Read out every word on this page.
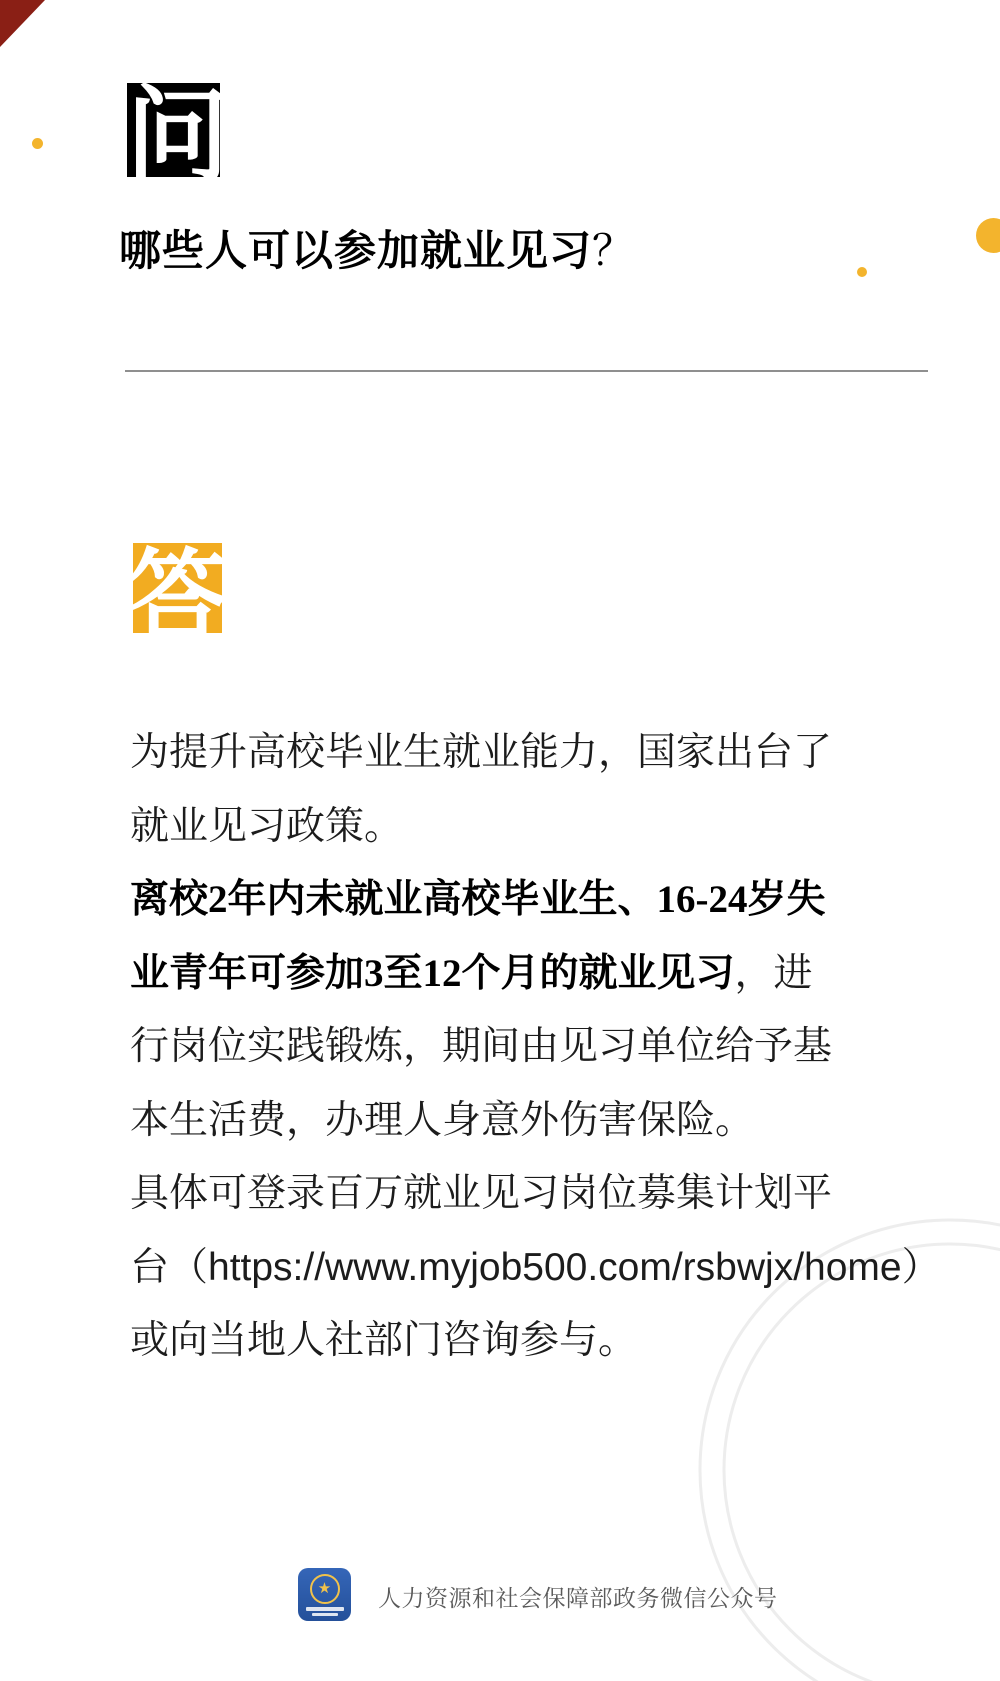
问
哪些人可以参加就业见习？
答
为提升高校毕业生就业能力，国家出台了
就业见习政策。
离校2年内未就业高校毕业生、16-24岁失
业青年可参加3至12个月的就业见习，进
行岗位实践锻炼，期间由见习单位给予基
本生活费，办理人身意外伤害保险。
具体可登录百万就业见习岗位募集计划平
台（https://www.myjob500.com/rsbwjx/home）
或向当地人社部门咨询参与。
★	人力资源和社会保障部政务微信公众号
